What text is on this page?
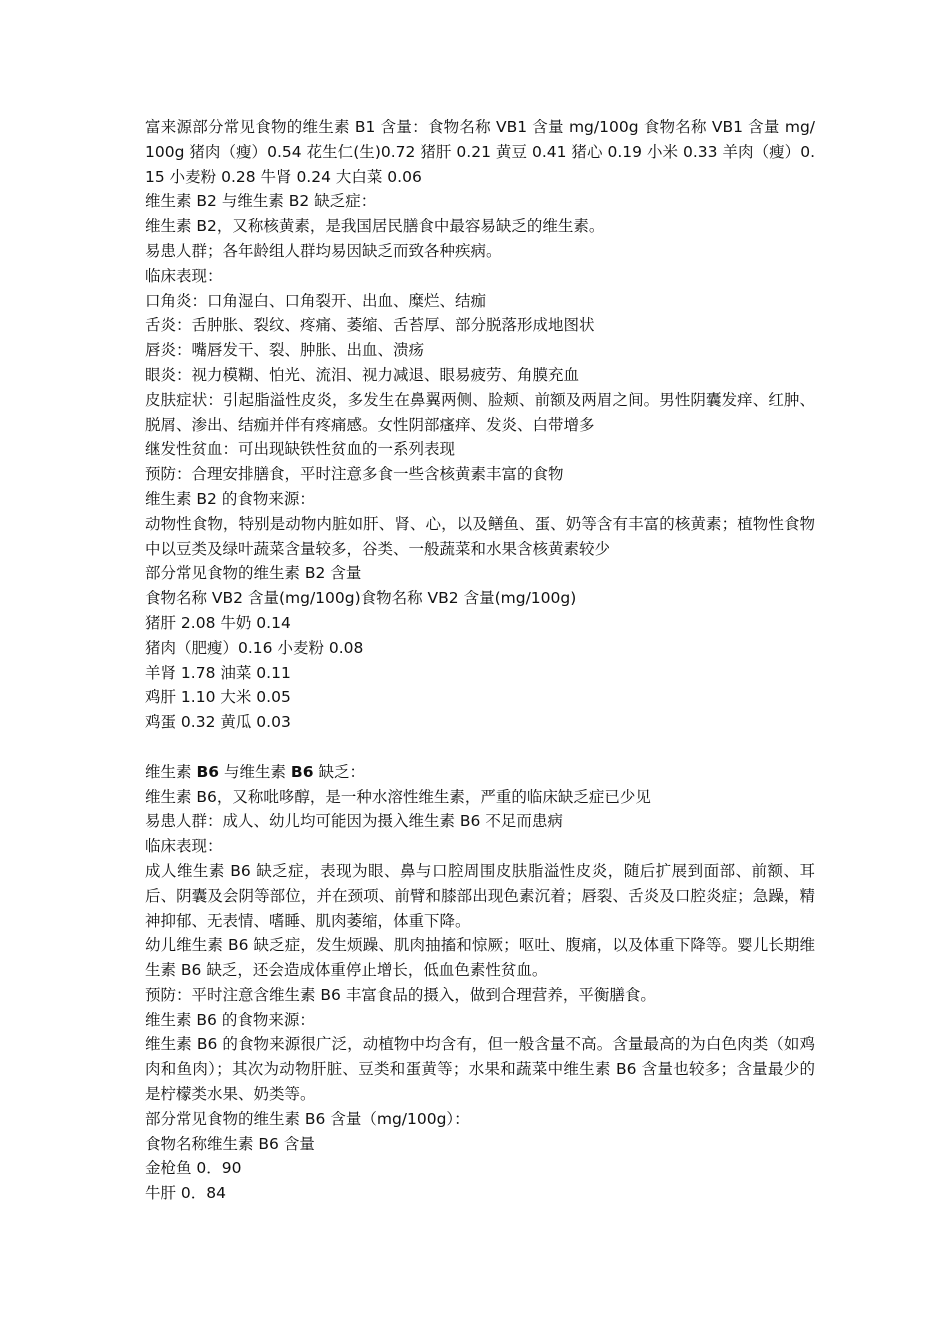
富来源部分常见食物的维生素 B1 含量：食物名称 VB1 含量 mg/100g 食物名称 VB1 含量 mg/100g 猪肉（瘦）0.54 花生仁(生)0.72 猪肝 0.21 黄豆 0.41 猪心 0.19 小米 0.33 羊肉（瘦）0.15 小麦粉 0.28 牛肾 0.24 大白菜 0.06

维生素 B2 与维生素 B2 缺乏症：

维生素 B2，又称核黄素，是我国居民膳食中最容易缺乏的维生素。

易患人群；各年龄组人群均易因缺乏而致各种疾病。

临床表现：

口角炎：口角湿白、口角裂开、出血、糜烂、结痂

舌炎：舌肿胀、裂纹、疼痛、萎缩、舌苔厚、部分脱落形成地图状

唇炎：嘴唇发干、裂、肿胀、出血、溃疡

眼炎：视力模糊、怕光、流泪、视力减退、眼易疲劳、角膜充血

皮肤症状：引起脂溢性皮炎，多发生在鼻翼两侧、脸颊、前额及两眉之间。男性阴囊发痒、红肿、脱屑、渗出、结痂并伴有疼痛感。女性阴部瘙痒、发炎、白带增多

继发性贫血：可出现缺铁性贫血的一系列表现

预防：合理安排膳食，平时注意多食一些含核黄素丰富的食物

维生素 B2 的食物来源：

动物性食物，特别是动物内脏如肝、肾、心，以及鳝鱼、蛋、奶等含有丰富的核黄素；植物性食物中以豆类及绿叶蔬菜含量较多，谷类、一般蔬菜和水果含核黄素较少

部分常见食物的维生素 B2 含量

食物名称 VB2 含量(mg/100g)食物名称 VB2 含量(mg/100g)

猪肝 2.08 牛奶 0.14

猪肉（肥瘦）0.16 小麦粉 0.08

羊肾 1.78 油菜 0.11

鸡肝 1.10 大米 0.05

鸡蛋 0.32 黄瓜 0.03

维生素 B6 与维生素 B6 缺乏：

维生素 B6，又称吡哆醇，是一种水溶性维生素，严重的临床缺乏症已少见

易患人群：成人、幼儿均可能因为摄入维生素 B6 不足而患病

临床表现：

成人维生素 B6 缺乏症，表现为眼、鼻与口腔周围皮肤脂溢性皮炎，随后扩展到面部、前额、耳后、阴囊及会阴等部位，并在颈项、前臂和膝部出现色素沉着；唇裂、舌炎及口腔炎症；急躁，精神抑郁、无表情、嗜睡、肌肉萎缩，体重下降。

幼儿维生素 B6 缺乏症，发生烦躁、肌肉抽搐和惊厥；呕吐、腹痛，以及体重下降等。婴儿长期维生素 B6 缺乏，还会造成体重停止增长，低血色素性贫血。

预防：平时注意含维生素 B6 丰富食品的摄入，做到合理营养，平衡膳食。

维生素 B6 的食物来源：

维生素 B6 的食物来源很广泛，动植物中均含有，但一般含量不高。含量最高的为白色肉类（如鸡肉和鱼肉）；其次为动物肝脏、豆类和蛋黄等；水果和蔬菜中维生素 B6 含量也较多；含量最少的是柠檬类水果、奶类等。

部分常见食物的维生素 B6 含量（mg/100g）：

食物名称维生素 B6 含量

金枪鱼 0．90

牛肝 0．84
